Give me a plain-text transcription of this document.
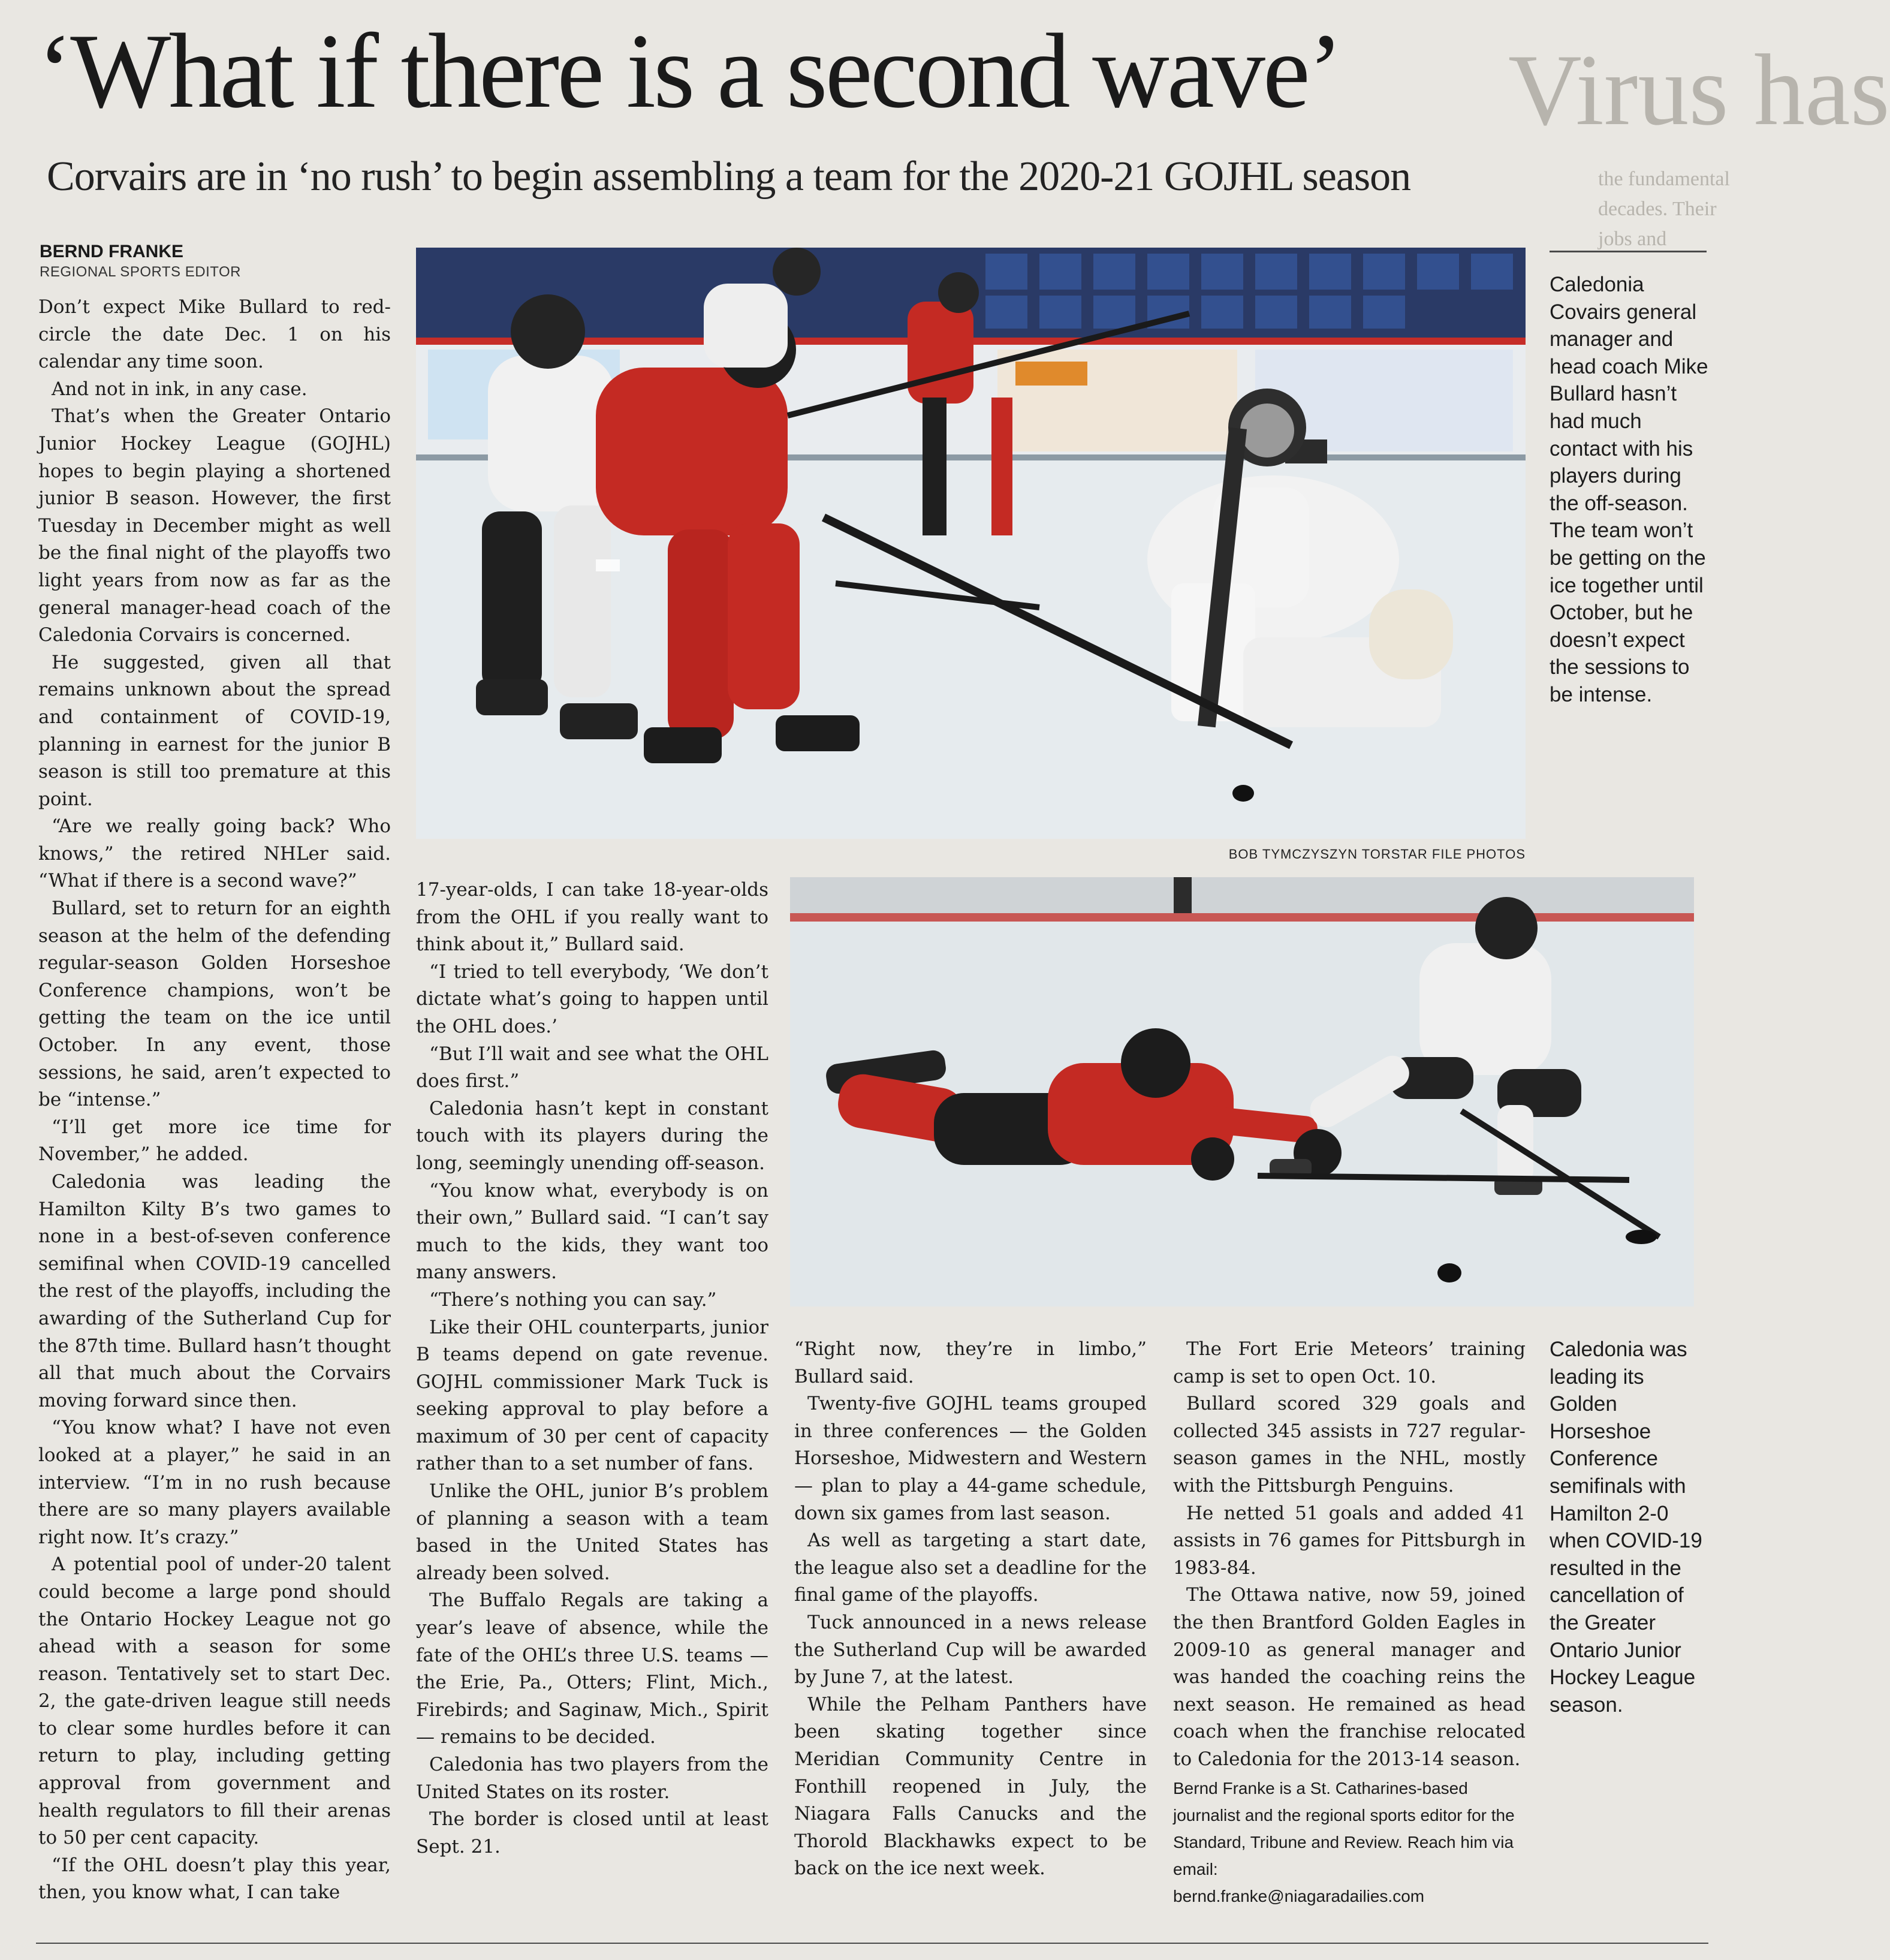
Virus has
the fundamental
decades. Their
jobs and
‘What if there is a second wave’
Corvairs are in ‘no rush’ to begin assembling a team for the 2020-21 GOJHL season
BERND FRANKE
REGIONAL SPORTS EDITOR
BOB TYMCZYSZYN TORSTAR FILE PHOTOS
Caledonia Covairs general manager and head coach Mike Bullard hasn’t had much contact with his players during the off-season. The team won’t be getting on the ice together until October, but he doesn’t expect the sessions to be intense.
Caledonia was leading its Golden Horseshoe Conference semifinals with Hamilton 2-0 when COVID-19 resulted in the cancellation of the Greater Ontario Junior Hockey League season.

Don’t expect Mike Bullard to red-circle the date Dec. 1 on his calendar any time soon.

And not in ink, in any case.

That’s when the Greater Ontario Junior Hockey League (GOJHL) hopes to begin playing a shortened junior B season. However, the first Tuesday in December might as well be the final night of the playoffs two light years from now as far as the general manager-head coach of the Caledonia Corvairs is concerned.

He suggested, given all that remains unknown about the spread and containment of COVID-19, planning in earnest for the junior B season is still too premature at this point.

“Are we really going back? Who knows,” the retired NHLer said. “What if there is a second wave?”

Bullard, set to return for an eighth season at the helm of the defending regular-season Golden Horseshoe Conference champions, won’t be getting the team on the ice until October. In any event, those sessions, he said, aren’t expected to be “intense.”

“I’ll get more ice time for November,” he added.

Caledonia was leading the Hamilton Kilty B’s two games to none in a best-of-seven conference semifinal when COVID-19 cancelled the rest of the playoffs, including the awarding of the Sutherland Cup for the 87th time. Bullard hasn’t thought all that much about the Corvairs moving forward since then.

“You know what? I have not even looked at a player,” he said in an interview. “I’m in no rush because there are so many players available right now. It’s crazy.”

A potential pool of under-20 talent could become a large pond should the Ontario Hockey League not go ahead with a season for some reason. Tentatively set to start Dec. 2, the gate-driven league still needs to clear some hurdles before it can return to play, including getting approval from government and health regulators to fill their arenas to 50 per cent capacity.

“If the OHL doesn’t play this year, then, you know what, I can take

17-year-olds, I can take 18-year-olds from the OHL if you really want to think about it,” Bullard said.

“I tried to tell everybody, ‘We don’t dictate what’s going to happen until the OHL does.’

“But I’ll wait and see what the OHL does first.”

Caledonia hasn’t kept in constant touch with its players during the long, seemingly unending off-season.

“You know what, everybody is on their own,” Bullard said. “I can’t say much to the kids, they want too many answers.

“There’s nothing you can say.”

Like their OHL counterparts, junior B teams depend on gate revenue. GOJHL commissioner Mark Tuck is seeking approval to play before a maximum of 30 per cent of capacity rather than to a set number of fans.

Unlike the OHL, junior B’s problem of planning a season with a team based in the United States has already been solved.

The Buffalo Regals are taking a year’s leave of absence, while the fate of the OHL’s three U.S. teams — the Erie, Pa., Otters; Flint, Mich., Firebirds; and Saginaw, Mich., Spirit — remains to be decided.

Caledonia has two players from the United States on its roster.

The border is closed until at least Sept. 21.

“Right now, they’re in limbo,” Bullard said.

Twenty-five GOJHL teams grouped in three conferences — the Golden Horseshoe, Midwestern and Western — plan to play a 44-game schedule, down six games from last season.

As well as targeting a start date, the league also set a deadline for the final game of the playoffs.

Tuck announced in a news release the Sutherland Cup will be awarded by June 7, at the latest.

While the Pelham Panthers have been skating together since Meridian Community Centre in Fonthill reopened in July, the Niagara Falls Canucks and the Thorold Blackhawks expect to be back on the ice next week.

The Fort Erie Meteors’ training camp is set to open Oct. 10.

Bullard scored 329 goals and collected 345 assists in 727 regular-season games in the NHL, mostly with the Pittsburgh Penguins.

He netted 51 goals and added 41 assists in 76 games for Pittsburgh in 1983-84.

The Ottawa native, now 59, joined the then Brantford Golden Eagles in 2009-10 as general manager and was handed the coaching reins the next season. He remained as head coach when the franchise relocated to Caledonia for the 2013-14 season.

Bernd Franke is a St. Catharines-based journalist and the regional sports editor for the Standard, Tribune and Review. Reach him via email:
bernd.franke@niagaradailies.com
